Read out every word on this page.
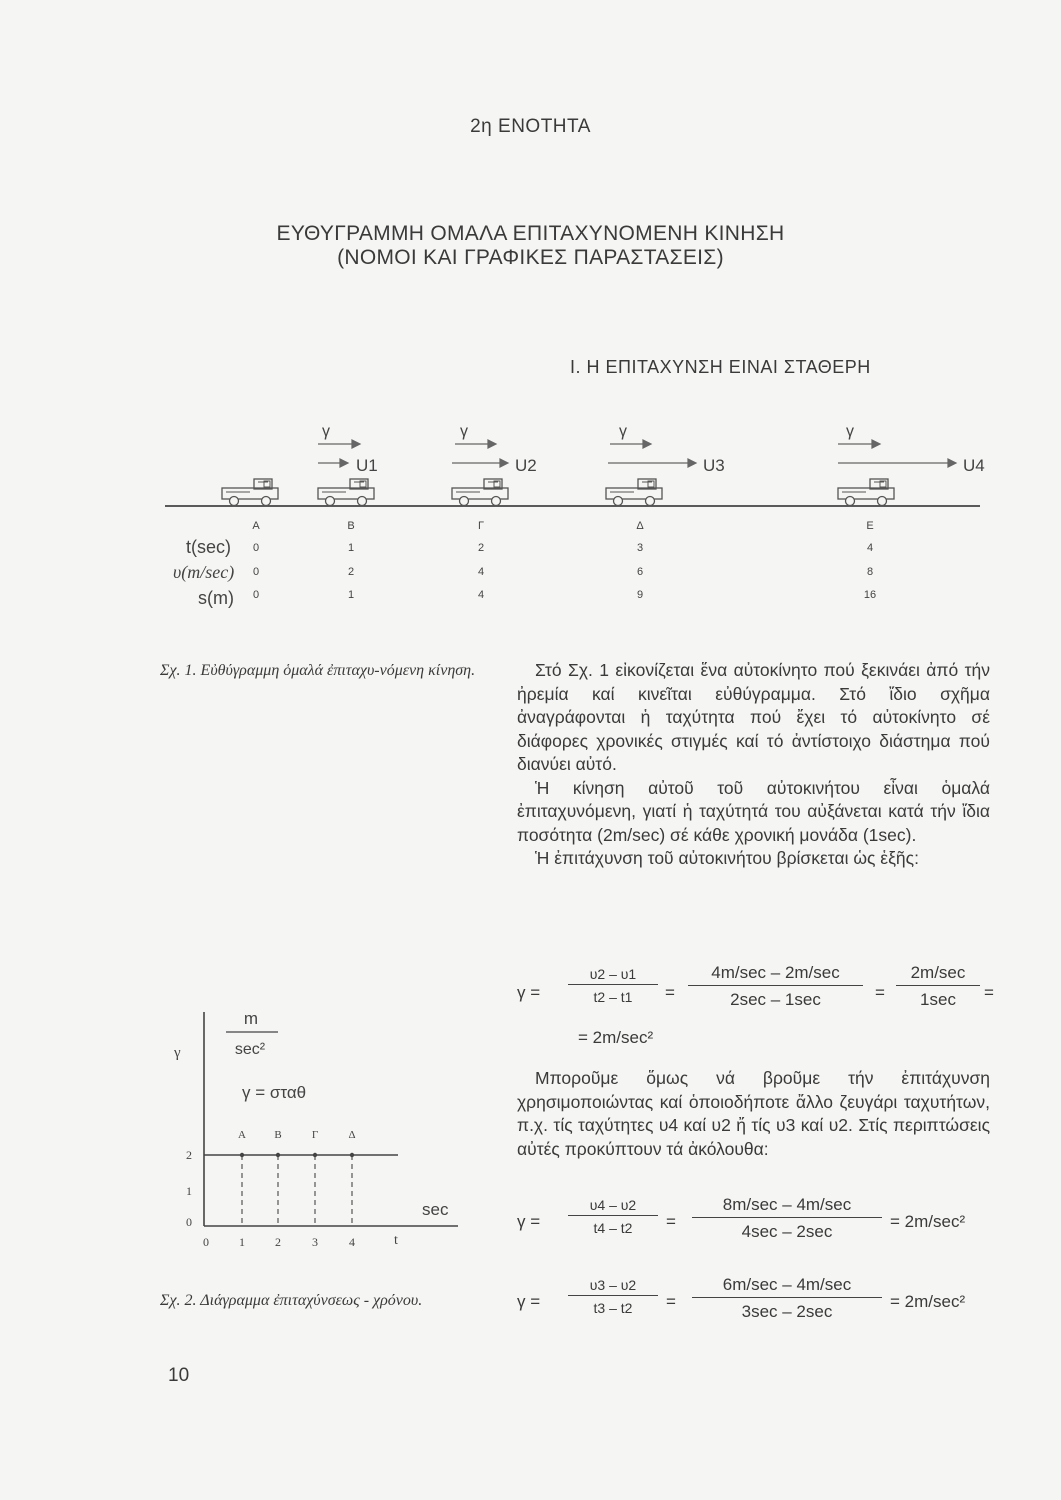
2η ΕΝΟΤΗΤΑ
ΕΥΘΥΓΡΑΜΜΗ ΟΜΑΛΑ ΕΠΙΤΑΧΥΝΟΜΕΝΗ ΚΙΝΗΣΗ
(ΝΟΜΟΙ ΚΑΙ ΓΡΑΦΙΚΕΣ ΠΑΡΑΣΤΑΣΕΙΣ)
Ι. Η ΕΠΙΤΑΧΥΝΣΗ ΕΙΝΑΙ ΣΤΑΘΕΡΗ
γ	γ	γ	γ
U1	U2	U3	U4
Α	Β	Γ	Δ	Ε
t(sec)
υ(m/sec)
s(m)
0	1	2	3	4
0	2	4	6	8
0	1	4	9	16
Σχ. 1. Εὐθύγραμμη ὁμαλά ἐπιταχυ-νόμενη κίνηση.	Στό Σχ. 1 εἰκονίζεται ἕνα αὐτοκίνητο πού ξεκινάει ἀπό τήν ἠρεμία καί κινεῖται εὐθύγραμμα. Στό ἴδιο σχῆμα ἀναγράφονται ἡ ταχύτητα πού ἔχει τό αὐτοκίνητο σέ διάφορες χρονικές στιγμές καί τό ἀντίστοιχο διάστημα πού διανύει αὐτό.

Ἡ κίνηση αὐτοῦ τοῦ αὐτοκινήτου εἶναι ὁμαλά ἐπιταχυνόμενη, γιατί ἡ ταχύτητά του αὐξάνεται κατά τήν ἴδια ποσότητα (2m/sec) σέ κάθε χρονική μονάδα (1sec).

Ἡ ἐπιτάχυνση τοῦ αὐτοκινήτου βρίσκεται ὡς ἑξῆς:

$\gamma = \frac{\upsilon 2 - \upsilon 1}{t2 - t1}$ =
4m/sec – 2m/sec
2sec – 1sec	=
2m/sec
1sec	=
= 2m/sec²

Μποροῦμε ὅμως νά βροῦμε τήν ἐπιτάχυνση χρησιμοποιώντας καί ὁποιοδήποτε ἄλλο ζευγάρι ταχυτήτων, π.χ. τίς ταχύτητες υ4 καί υ2 ἤ τίς υ3 καί υ2. Στίς περιπτώσεις αὐτές προκύπτουν τά ἀκόλουθα:

$\gamma = \frac{\upsilon 4 - \upsilon 2}{t4 - t2}$ =
8m/sec – 4m/sec
4sec – 2sec
= 2m/sec²
$\gamma = \frac{\upsilon 3 - \upsilon 2}{t3 - t2}$ =
6m/sec – 4m/sec
3sec – 2sec
= 2m/sec²
m
sec²
γ
γ = σταθ
Α	Β	Γ	Δ
2
1
0
0	1	2	3	4
sec
t
Σχ. 2. Διάγραμμα ἐπιταχύνσεως - χρόνου.
10
